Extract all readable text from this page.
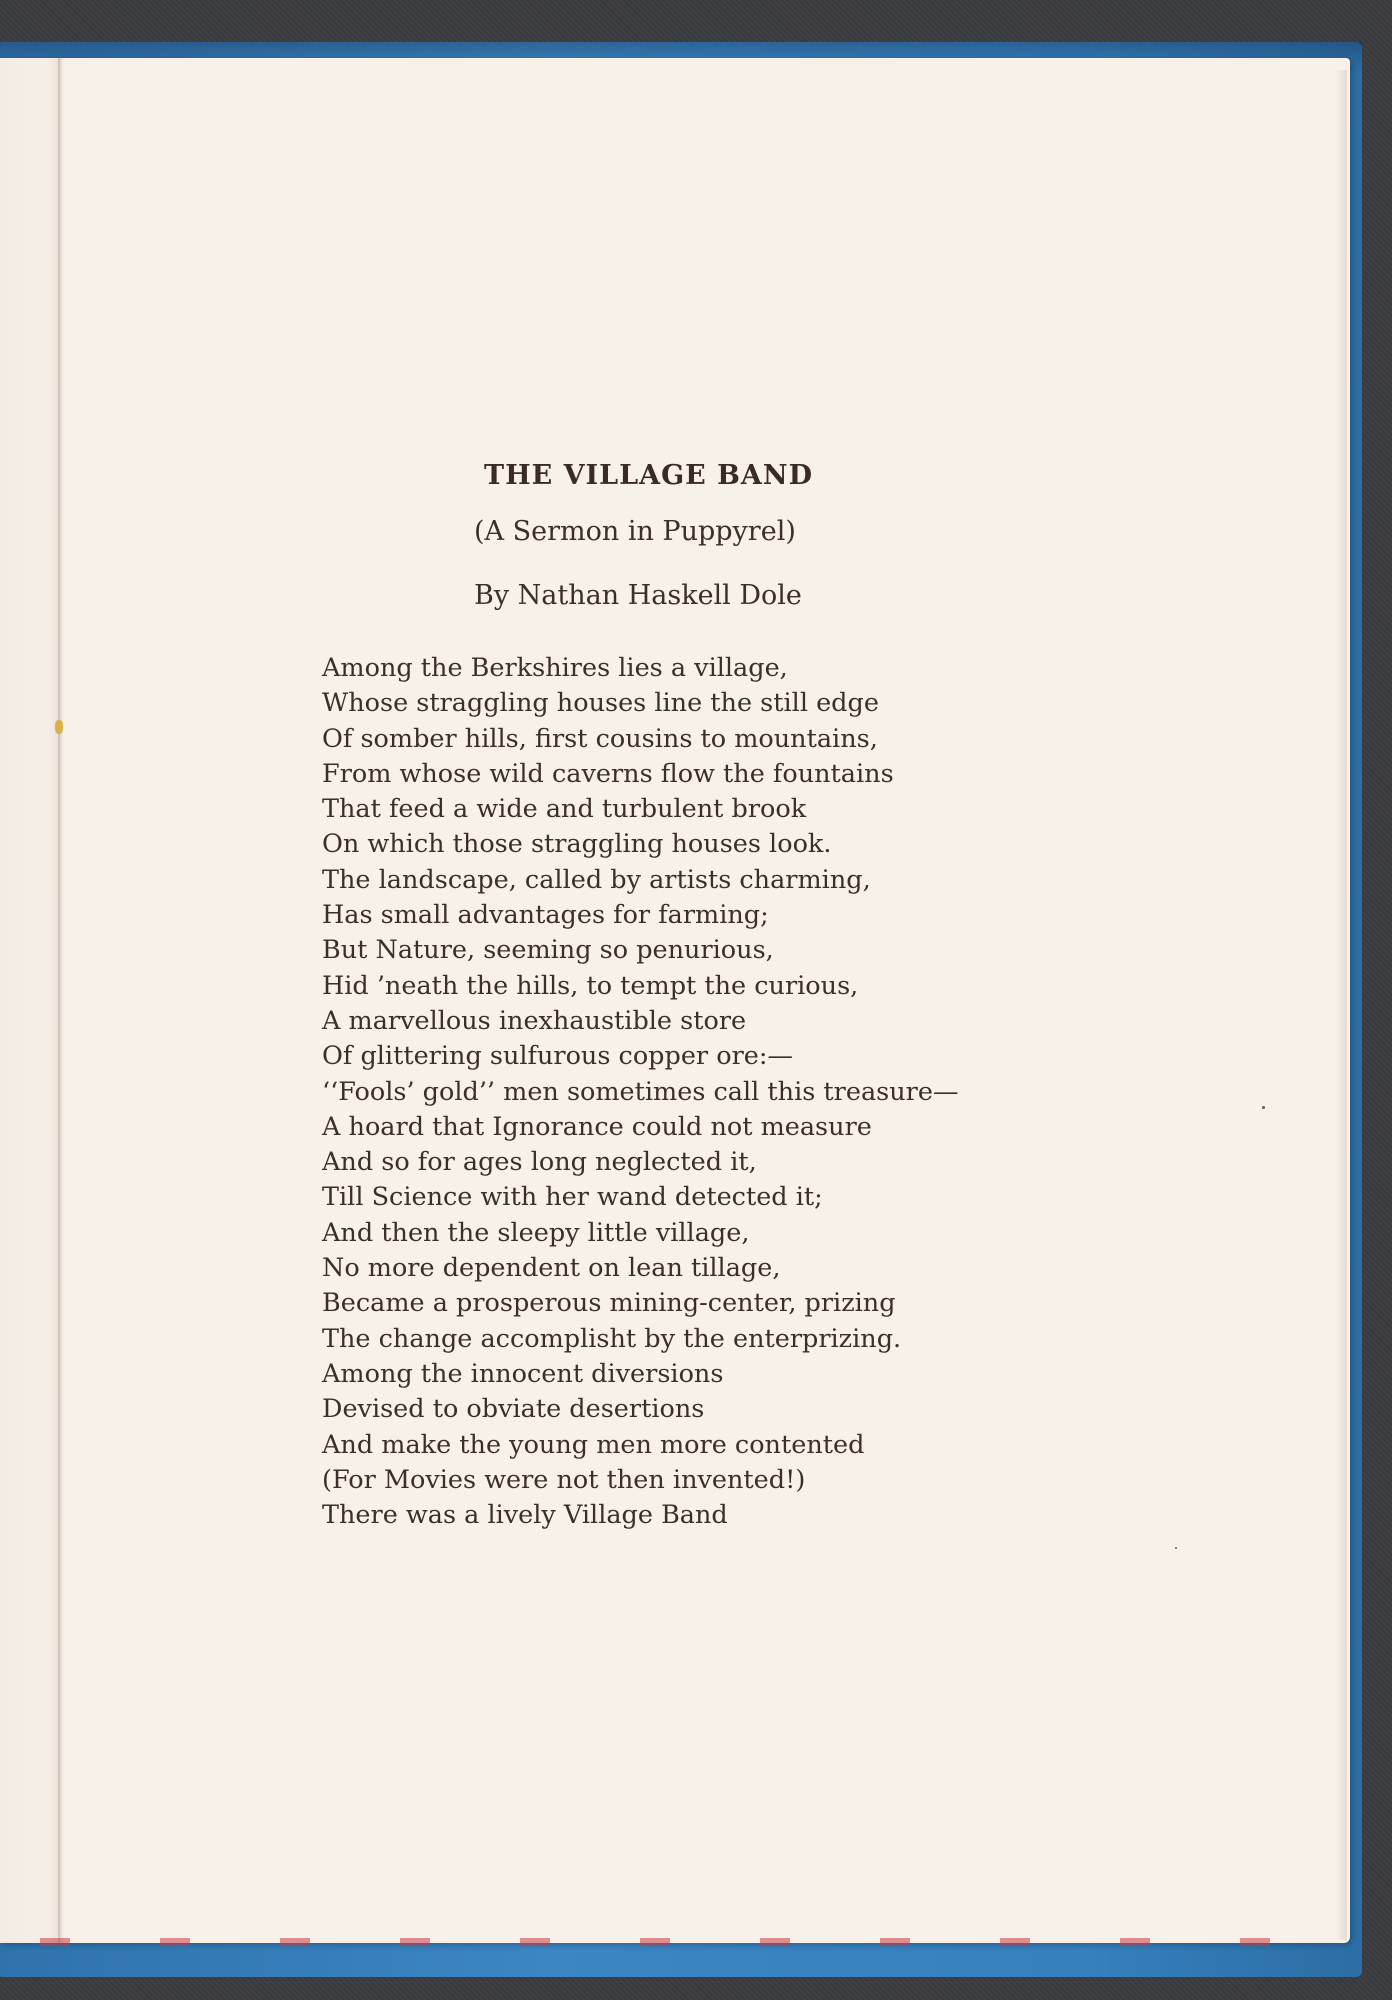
THE VILLAGE BAND
(A Sermon in Puppyrel)
By Nathan Haskell Dole
Among the Berkshires lies a village,
Whose straggling houses line the still edge
Of somber hills, first cousins to mountains,
From whose wild caverns flow the fountains
That feed a wide and turbulent brook
On which those straggling houses look.
The landscape, called by artists charming,
Has small advantages for farming;
But Nature, seeming so penurious,
Hid ’neath the hills, to tempt the curious,
A marvellous inexhaustible store
Of glittering sulfurous copper ore:—
‘‘Fools’ gold’’ men sometimes call this treasure—
A hoard that Ignorance could not measure
And so for ages long neglected it,
Till Science with her wand detected it;
And then the sleepy little village,
No more dependent on lean tillage,
Became a prosperous mining-center, prizing
The change accomplisht by the enterprizing.
Among the innocent diversions
Devised to obviate desertions
And make the young men more contented
(For Movies were not then invented!)
There was a lively Village Band
